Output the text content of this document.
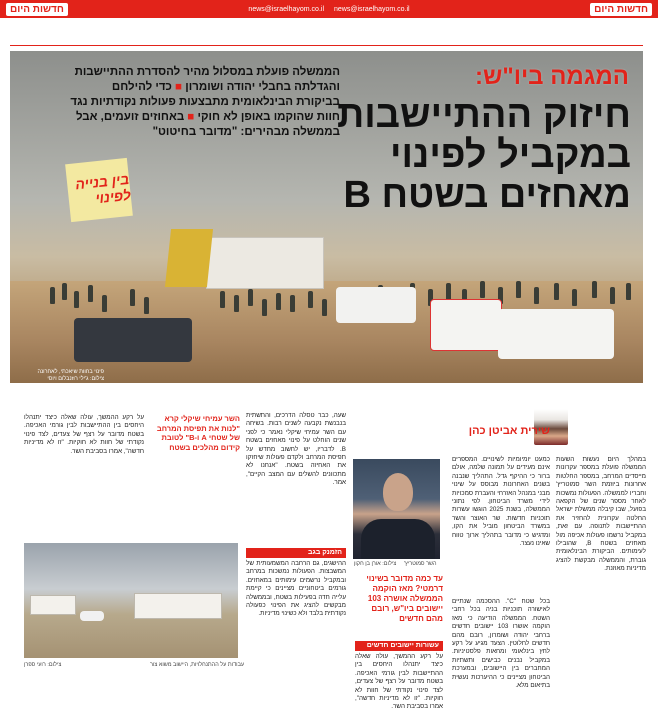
חדשות היום	news@israelhayom.co.il news@israelhayom.co.il	חדשות היום
המגמה ביו"ש:
חיזוק ההתיישבות במקביל לפינוי מאחזים בשטח B
הממשלה פועלת במסלול מהיר להסדרת ההתיישבות והגדלתה בחבלי יהודה ושומרון ■ כדי להילחם בביקורת הבינלאומית מתבצעות פעולות נקודתיות נגד חוות שהוקמו באופן לא חוקי ■ באחוזים זועמים, אבל בממשלה מבהירים: "מדובר בחיטוט"
בין בנייה לפינוי
פינוי בחוות שיאכתי, לאחרונה צילום: ג'ילי רוזנבלום ויוסי
שירית אביטן כהן
במהלך היום נעשות השעות הממשלה פועלת במספר עקרונות מייסדים המרחב, במספר החלטות אחרונות ביוזמת השר סמוטריץ' וחבריו לממשלה. הפעולות נמשכות לאחר מספר שנים של הקפאה בפועל, שבו קיבלה ממשלת ישראל החלטה עקרונית להחזיר את ההתיישבות לתנופה. עם זאת, במקביל נרשמו פעולות אכיפה מול מאחזים בשטח B, שהובילו לעימותים. הביקורת הבינלאומית גוברת, והממשלה מבקשת להציג מדיניות מאוזנת.
כמעט יומיומיות לשינויים. המספרים אינם מעידים על תמונה שלמה, אולם ברור כי ההיקף גדל. התהליך שנבנה בשנים האחרונות מבוסס על שינוי מבני במנהל האזרחי והעברת סמכויות לידי משרד הביטחון. לפי נתוני הממשלה, בשנת 2025 הוגשו עשרות תוכניות חדשות. שר האוצר והשר במשרד הביטחון מוביל את הקו, ומדגיש כי מדובר בתהליך ארוך טווח שאינו נעצר.
השר סמוטריץ'
צילום: אורן בן חקון
עד כמה מדובר בשינוי דרמטי? מאז הוקמה הממשלה אושרה 103 יישובים ביו"ש, רובם מהם חדשים
בכל שטח "C". ההסכמה שנתיים לאישורה תוכניות בניה בכל רחבי השטח. הממשלה הודיעה כי מאז הוקמה אושרו 103 יישובים חדשים ברחבי יהודה ושומרון, רובם מהם חדשים לחלוטין. הצעד מגיע על רקע לחץ בינלאומי ומחאות פלסטיניות. במקביל נבנים כבישים ותשתיות המחברים בין היישובים, ובמערכת הביטחון מציינים כי ההיערכות נעשית בתיאום מלא.
עשורות יישובים חדשים
על רקע ההמשך, עולה שאלה כיצד יתנהלו היחסים בין ההתיישבות לבין גורמי האכיפה. בשטח מדובר על רצף של צעדים, לצד פינוי נקודתי של חוות לא חוקיות. "זו לא מדיניות חדשה", אמרו בסביבת השר.
שעה, כבר טסלה הדרכים, והתשתית בנבנשת נקבעה לשנים רבות. בשיחה עם השר עמיחי שיקלי נאמר כי לפני שנים הוחלט על פינוי מאחזים בשטח B. לדבריו, יש לחשוב מחדש על תפיסת המרחב ולקדם פעולות שיחזקו את האחיזה בשטח. "אנחנו לא מתכוונים להשלים עם המצב הקיים", אמר.
הזמנק בגב
ההישגים, גם הרחבה המשמעותית של המשבצות. הפעולות נמשכות במרחב ובמקביל נרשמים עימותים במאחזים. גורמים ביטחוניים מציינים כי קיימת עלייה חדה בפעילות בשטח, ובממשלה מבקשים להציג את הפינוי כפעולה נקודתית בלבד ולא כשינוי מדיניות.
השר עמיחי שיקלי קרא "לנות את תפיסת המרחב של שטחי A ו-B" לטובת קידום מהלכים בשטח
על רקע ההמשך, עולה שאלה כיצד יתנהלו היחסים בין ההתיישבות לבין גורמי האכיפה. בשטח מדובר על רצף של צעדים, לצד פינוי נקודתי של חוות לא חוקיות. "זו לא מדיניות חדשה", אמרו בסביבת השר.
עבודות על ההתנחלויות, היישוב משוא צור
צילום: רועי ספרן
